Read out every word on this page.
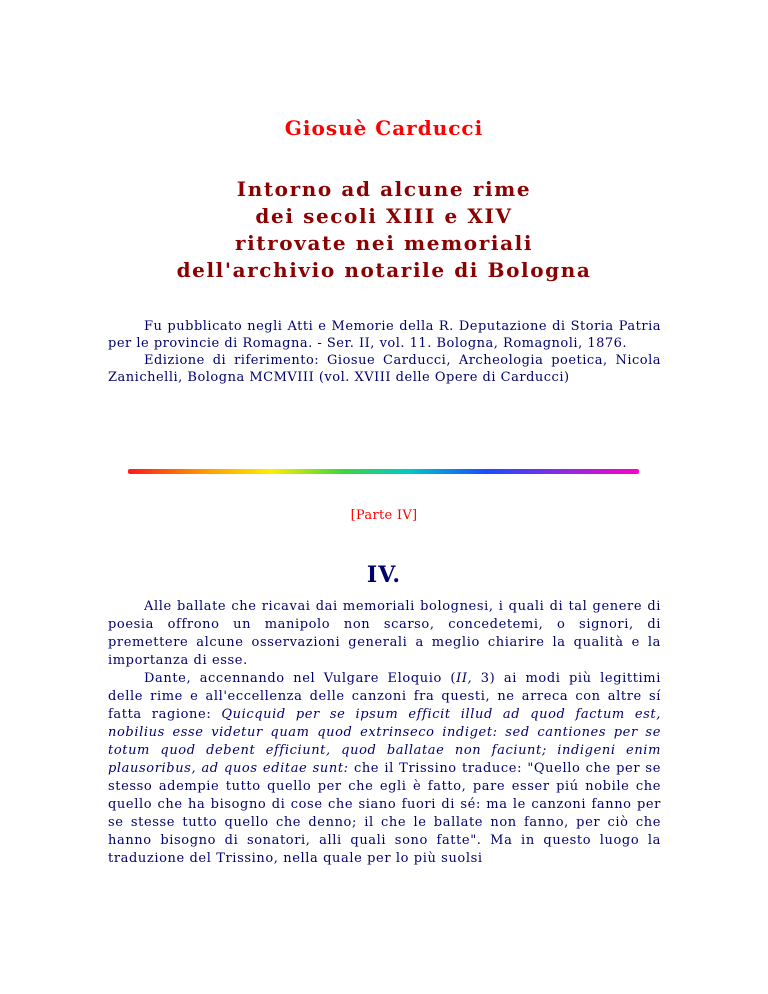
Giosuè Carducci
Intorno ad alcune rime
dei secoli XIII e XIV
ritrovate nei memoriali
dell'archivio notarile di Bologna

Fu pubblicato negli Atti e Memorie della R. Deputazione di Storia Patria per le provincie di Romagna. - Ser. II, vol. 11. Bologna, Romagnoli, 1876.

Edizione di riferimento: Giosue Carducci, Archeologia poetica, Nicola Zanichelli, Bologna MCMVIII (vol. XVIII delle Opere di Carducci)

[Parte IV]
IV.

Alle ballate che ricavai dai memoriali bolognesi, i quali di tal genere di poesia offrono un manipolo non scarso, concedetemi, o signori, di premettere alcune osservazioni generali a meglio chiarire la qualità e la importanza di esse.

Dante, accennando nel Vulgare Eloquio (II, 3) ai modi più legittimi delle rime e all'eccellenza delle canzoni fra questi, ne arreca con altre sí fatta ragione: Quicquid per se ipsum efficit illud ad quod factum est, nobilius esse videtur quam quod extrinseco indiget: sed cantiones per se totum quod debent efficiunt, quod ballatae non faciunt; indigeni enim plausoribus, ad quos editae sunt: che il Trissino traduce: "Quello che per se stesso adempie tutto quello per che egli è fatto, pare esser piú nobile che quello che ha bisogno di cose che siano fuori di sé: ma le canzoni fanno per se stesse tutto quello che denno; il che le ballate non fanno, per ciò che hanno bisogno di sonatori, alli quali sono fatte". Ma in questo luogo la traduzione del Trissino, nella quale per lo più suolsi
